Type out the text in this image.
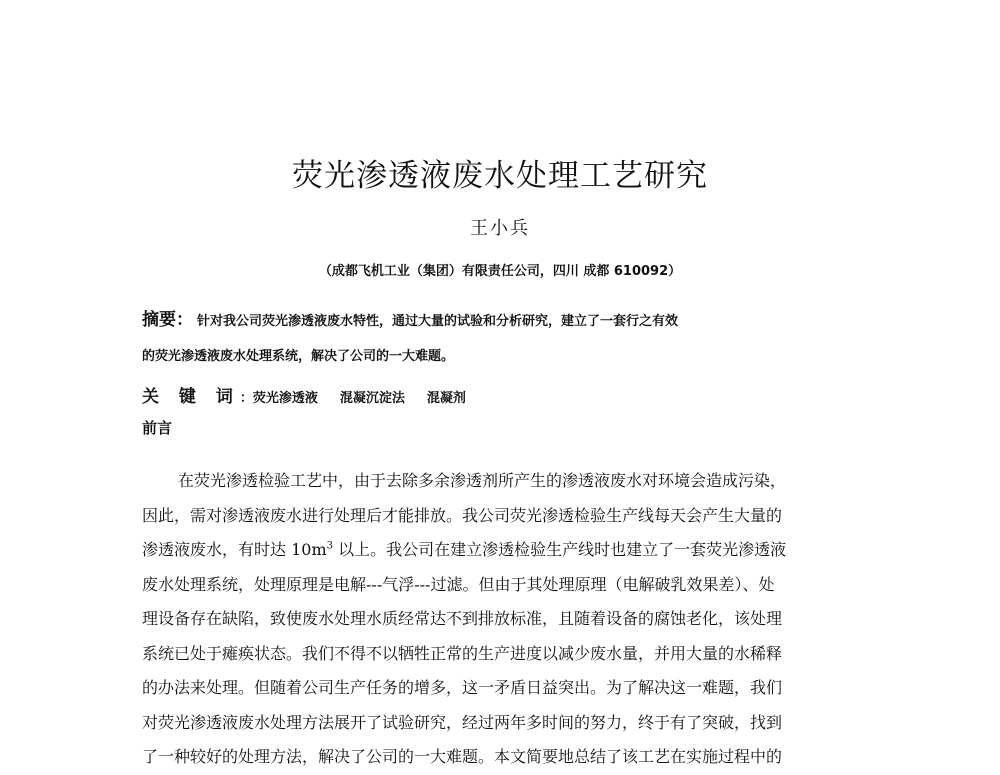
荧光渗透液废水处理工艺研究
王小兵
（成都飞机工业（集团）有限责任公司，四川 成都 610092）
摘要： 针对我公司荧光渗透液废水特性，通过大量的试验和分析研究，建立了一套行之有效
的荧光渗透液废水处理系统，解决了公司的一大难题。
关 键 词：荧光渗透液 混凝沉淀法 混凝剂
前言
在荧光渗透检验工艺中，由于去除多余渗透剂所产生的渗透液废水对环境会造成污染，
因此，需对渗透液废水进行处理后才能排放。我公司荧光渗透检验生产线每天会产生大量的
渗透液废水，有时达 $10m^3$ 以上。我公司在建立渗透检验生产线时也建立了一套荧光渗透液
废水处理系统，处理原理是电解---气浮---过滤。但由于其处理原理（电解破乳效果差）、处
理设备存在缺陷，致使废水处理水质经常达不到排放标准，且随着设备的腐蚀老化，该处理
系统已处于瘫痪状态。我们不得不以牺牲正常的生产进度以减少废水量，并用大量的水稀释
的办法来处理。但随着公司生产任务的增多，这一矛盾日益突出。为了解决这一难题，我们
对荧光渗透液废水处理方法展开了试验研究，经过两年多时间的努力，终于有了突破，找到
了一种较好的处理方法，解决了公司的一大难题。本文简要地总结了该工艺在实施过程中的
